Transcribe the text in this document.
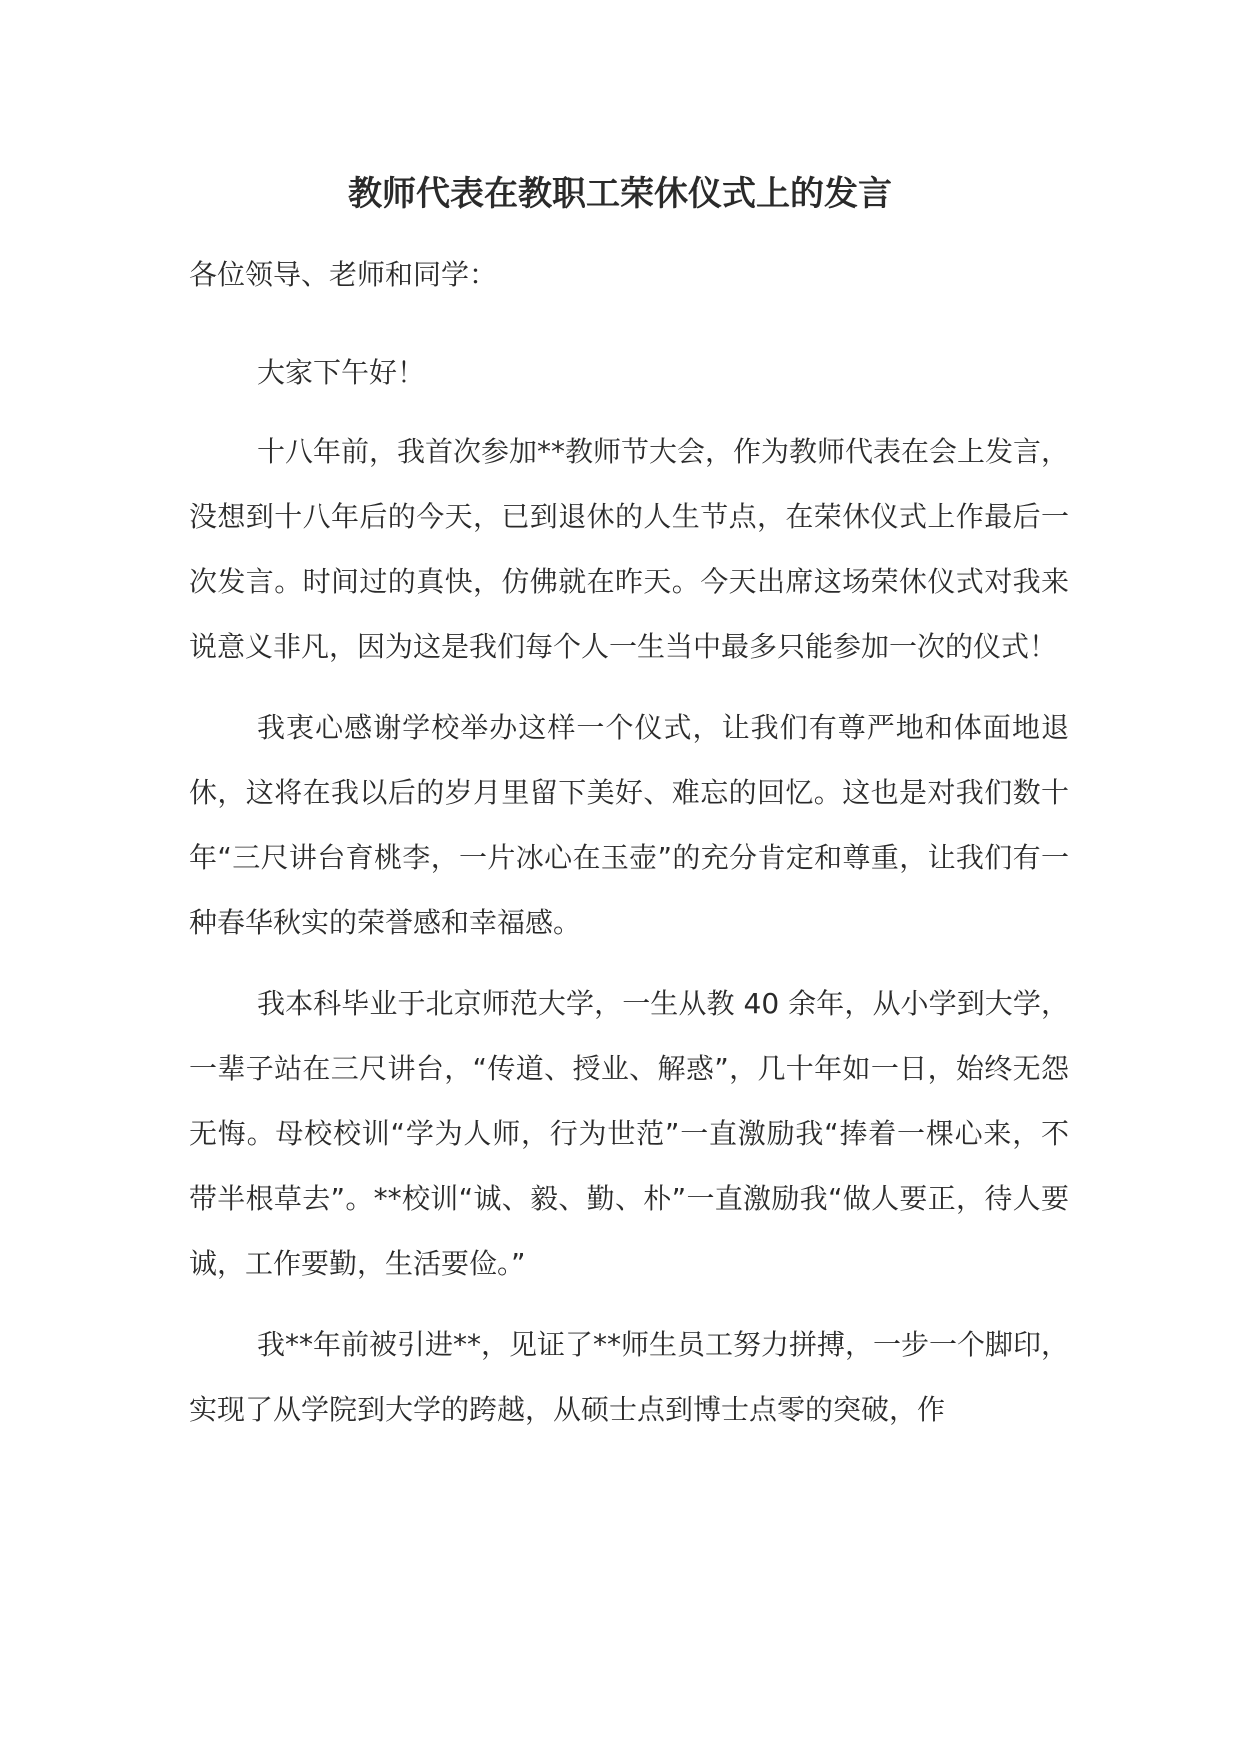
教师代表在教职工荣休仪式上的发言
各位领导、老师和同学：

大家下午好！

十八年前，我首次参加**教师节大会，作为教师代表在会上发言，没想到十八年后的今天，已到退休的人生节点，在荣休仪式上作最后一次发言。时间过的真快，仿佛就在昨天。今天出席这场荣休仪式对我来说意义非凡，因为这是我们每个人一生当中最多只能参加一次的仪式！

我衷心感谢学校举办这样一个仪式，让我们有尊严地和体面地退休，这将在我以后的岁月里留下美好、难忘的回忆。这也是对我们数十年“三尺讲台育桃李，一片冰心在玉壶”的充分肯定和尊重，让我们有一种春华秋实的荣誉感和幸福感。

我本科毕业于北京师范大学，一生从教 40 余年，从小学到大学，一辈子站在三尺讲台，“传道、授业、解惑”，几十年如一日，始终无怨无悔。母校校训“学为人师，行为世范”一直激励我“捧着一棵心来，不带半根草去”。**校训“诚、毅、勤、朴”一直激励我“做人要正，待人要诚，工作要勤，生活要俭。”

我**年前被引进**，见证了**师生员工努力拼搏，一步一个脚印，实现了从学院到大学的跨越，从硕士点到博士点零的突破，作
